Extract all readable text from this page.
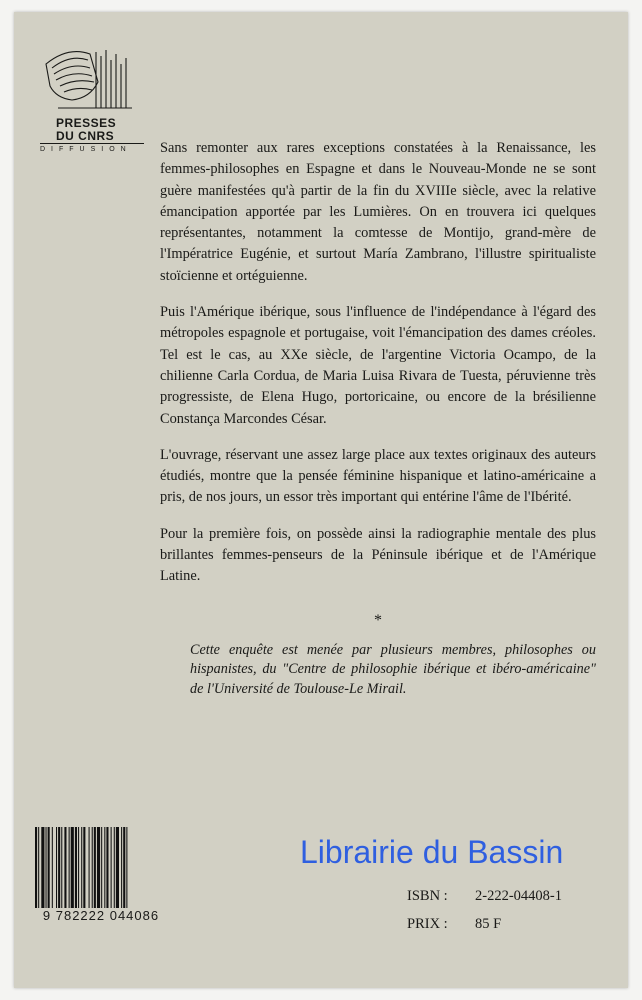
PRESSES
DU CNRS
DIFFUSION	Sans remonter aux rares exceptions constatées à la Renaissance, les femmes-philosophes en Espagne et dans le Nouveau-Monde ne se sont guère manifestées qu'à partir de la fin du XVIIIe siècle, avec la relative émancipation apportée par les Lumières. On en trouvera ici quelques représentantes, notamment la comtesse de Montijo, grand-mère de l'Impératrice Eugénie, et surtout María Zambrano, l'illustre spiritualiste stoïcienne et ortéguienne.

Puis l'Amérique ibérique, sous l'influence de l'indépendance à l'égard des métropoles espagnole et portugaise, voit l'émancipation des dames créoles. Tel est le cas, au XXe siècle, de l'argentine Victoria Ocampo, de la chilienne Carla Cordua, de Maria Luisa Rivara de Tuesta, péruvienne très progressiste, de Elena Hugo, portoricaine, ou encore de la brésilienne Constança Marcondes César.

L'ouvrage, réservant une assez large place aux textes originaux des auteurs étudiés, montre que la pensée féminine hispanique et latino-américaine a pris, de nos jours, un essor très important qui entérine l'âme de l'Ibérité.

Pour la première fois, on possède ainsi la radiographie mentale des plus brillantes femmes-penseurs de la Péninsule ibérique et de l'Amérique Latine.

*
Cette enquête est menée par plusieurs membres, philosophes ou hispanistes, du "Centre de philosophie ibérique et ibéro-américaine" de l'Université de Toulouse-Le Mirail.
9 782222 044086
Librairie du Bassin
ISBN : 2-222-04408-1
PRIX : 85 F
